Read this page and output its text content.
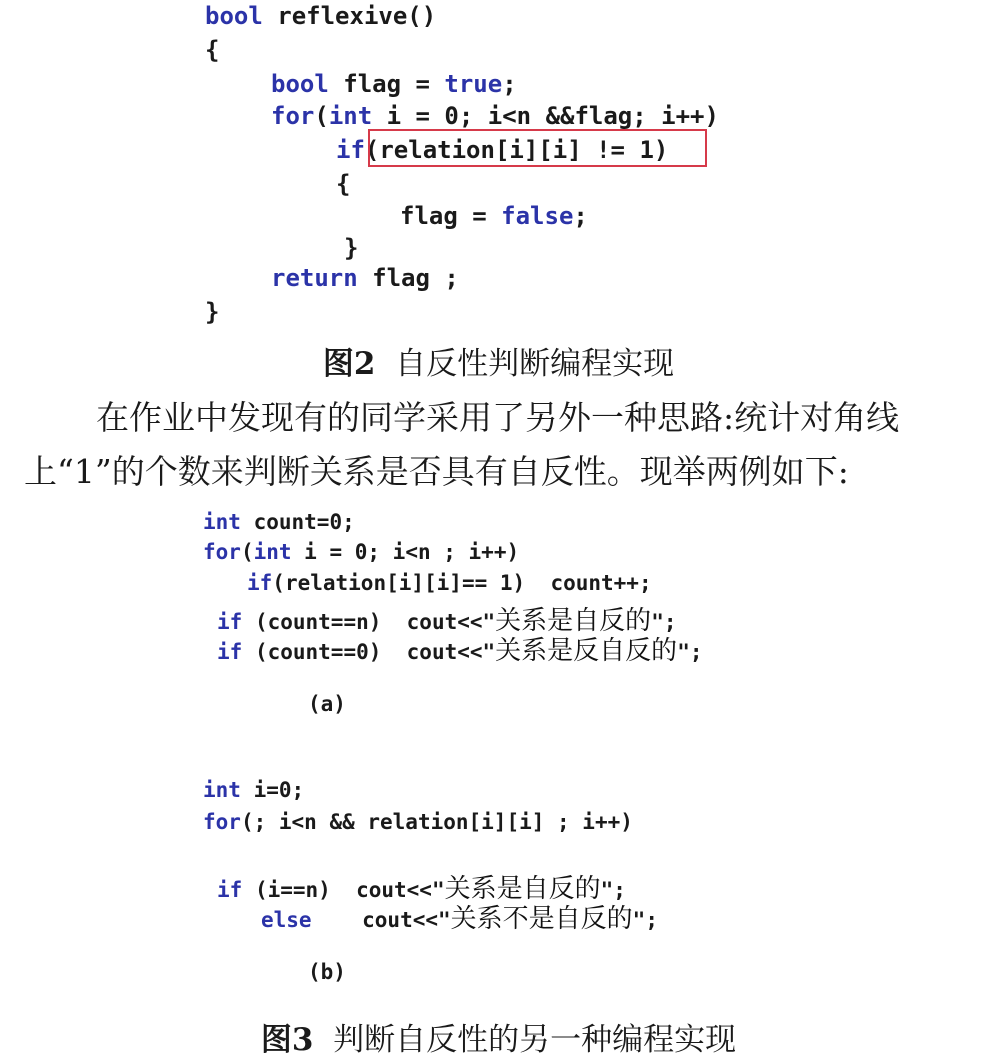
bool reflexive()

{

bool flag = true;

for(int i = 0; i<n &&flag; i++)

if(relation[i][i] != 1)

{

flag = false;

}

return flag ;

}

图2 自反性判断编程实现
在作业中发现有的同学采用了另外一种思路:统计对角线
上“1”的个数来判断关系是否具有自反性。现举两例如下:

int count=0;

for(int i = 0; i<n ; i++)

if(relation[i][i]== 1)  count++;

if (count==n)  cout<<"关系是自反的";

if (count==0)  cout<<"关系是反自反的";

(a)

int i=0;

for(; i<n && relation[i][i] ; i++)

if (i==n)  cout<<"关系是自反的";

else    cout<<"关系不是自反的";

(b)
图3 判断自反性的另一种编程实现
